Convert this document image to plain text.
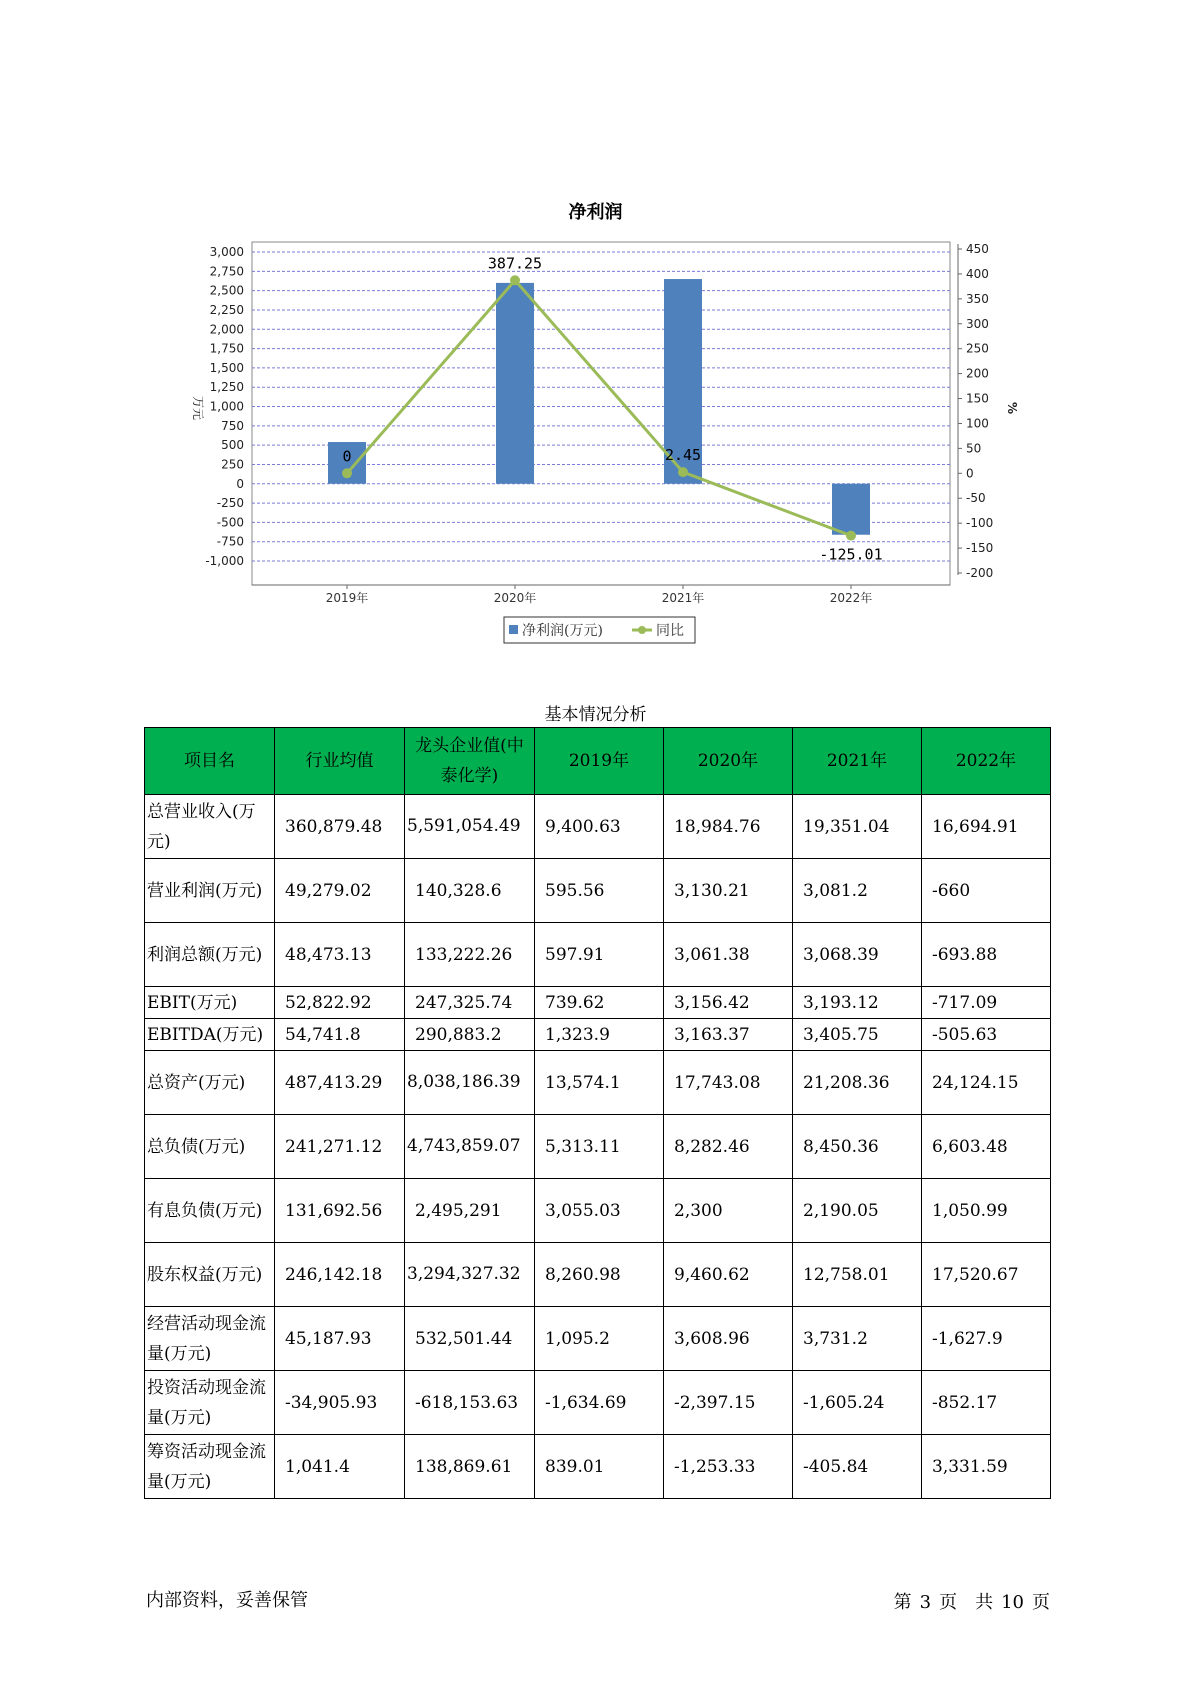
净利润
0
387.25
2.45
-125.01
3,000
2,750
2,500
2,250
2,000
1,750
1,500
1,250
1,000
750
500
250
0
-250
-500
-750
-1,000
450
400
350
300
250
200
150
100
50
0
-50
-100
-150
-200
万元	%
2019年	2020年	2021年	2022年
净利润(万元)	同比
基本情况分析
项目名	行业均值	龙头企业值(中泰化学)	2019年	2020年	2021年	2022年
总营业收入(万元)	360,879.48	5,591,054.49	9,400.63	18,984.76	19,351.04	16,694.91
营业利润(万元)	49,279.02	140,328.6	595.56	3,130.21	3,081.2	-660
利润总额(万元)	48,473.13	133,222.26	597.91	3,061.38	3,068.39	-693.88
EBIT(万元)	52,822.92	247,325.74	739.62	3,156.42	3,193.12	-717.09
EBITDA(万元)	54,741.8	290,883.2	1,323.9	3,163.37	3,405.75	-505.63
总资产(万元)	487,413.29	8,038,186.39	13,574.1	17,743.08	21,208.36	24,124.15
总负债(万元)	241,271.12	4,743,859.07	5,313.11	8,282.46	8,450.36	6,603.48
有息负债(万元)	131,692.56	2,495,291	3,055.03	2,300	2,190.05	1,050.99
股东权益(万元)	246,142.18	3,294,327.32	8,260.98	9,460.62	12,758.01	17,520.67
经营活动现金流量(万元)	45,187.93	532,501.44	1,095.2	3,608.96	3,731.2	-1,627.9
投资活动现金流量(万元)	-34,905.93	-618,153.63	-1,634.69	-2,397.15	-1,605.24	-852.17
筹资活动现金流量(万元)	1,041.4	138,869.61	839.01	-1,253.33	-405.84	3,331.59
内部资料，妥善保管	第 3 页　共 10 页
